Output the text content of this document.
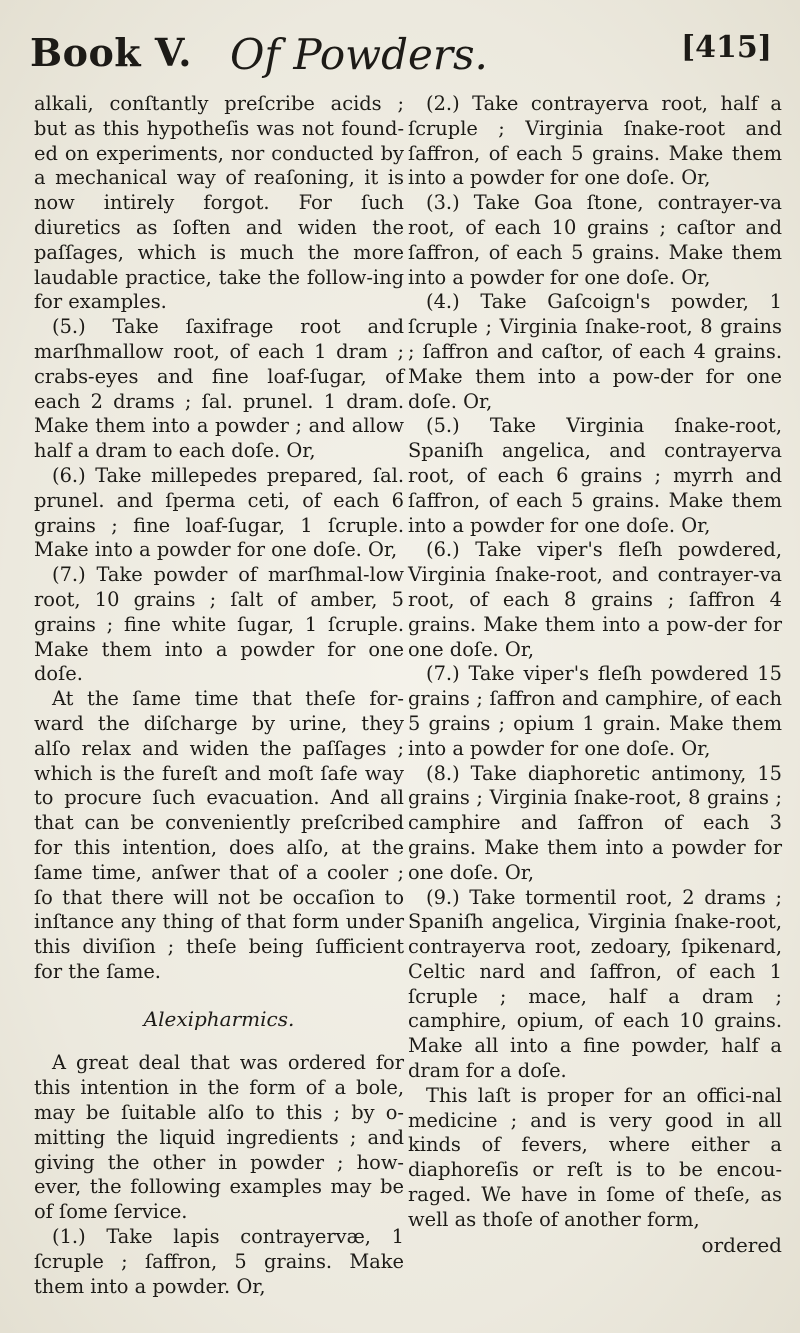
Book V. Of Powders.	[415]

alkali, conſtantly preſcribe acids ; but as this hypotheſis was not found-ed on experiments, nor conducted by a mechanical way of reaſoning, it is now intirely forgot. For ſuch diuretics as ſoften and widen the paſſages, which is much the more laudable practice, take the follow-ing for examples.

(5.) Take ſaxifrage root and marſhmallow root, of each 1 dram ; crabs-eyes and fine loaf-ſugar, of each 2 drams ; ſal. prunel. 1 dram. Make them into a powder ; and allow half a dram to each doſe. Or,

(6.) Take millepedes prepared, ſal. prunel. and ſperma ceti, of each 6 grains ; fine loaf-ſugar, 1 ſcruple. Make into a powder for one doſe. Or,

(7.) Take powder of marſhmal-low root, 10 grains ; ſalt of amber, 5 grains ; fine white ſugar, 1 ſcruple. Make them into a powder for one doſe.

At the ſame time that theſe for-ward the diſcharge by urine, they alſo relax and widen the paſſages ; which is the fureſt and moſt ſafe way to procure ſuch evacuation. And all that can be conveniently preſcribed for this intention, does alſo, at the ſame time, anſwer that of a cooler ; ſo that there will not be occaſion to inſtance any thing of that form under this diviſion ; theſe being ſufficient for the ſame.

Alexipharmics.

A great deal that was ordered for this intention in the form of a bole, may be ſuitable alſo to this ; by o-mitting the liquid ingredients ; and giving the other in powder ; how-ever, the following examples may be of ſome ſervice.

(1.) Take lapis contrayervæ, 1 ſcruple ; ſaffron, 5 grains. Make them into a powder. Or,

(2.) Take contrayerva root, half a ſcruple ; Virginia ſnake-root and ſaffron, of each 5 grains. Make them into a powder for one doſe. Or,

(3.) Take Goa ſtone, contrayer-va root, of each 10 grains ; caſtor and ſaffron, of each 5 grains. Make them into a powder for one doſe. Or,

(4.) Take Gaſcoign's powder, 1 ſcruple ; Virginia ſnake-root, 8 grains ; ſaffron and caſtor, of each 4 grains. Make them into a pow-der for one doſe. Or,

(5.) Take Virginia ſnake-root, Spaniſh angelica, and contrayerva root, of each 6 grains ; myrrh and ſaffron, of each 5 grains. Make them into a powder for one doſe. Or,

(6.) Take viper's fleſh powdered, Virginia ſnake-root, and contrayer-va root, of each 8 grains ; ſaffron 4 grains. Make them into a pow-der for one doſe. Or,

(7.) Take viper's fleſh powdered 15 grains ; ſaffron and camphire, of each 5 grains ; opium 1 grain. Make them into a powder for one doſe. Or,

(8.) Take diaphoretic antimony, 15 grains ; Virginia ſnake-root, 8 grains ; camphire and ſaffron of each 3 grains. Make them into a powder for one doſe. Or,

(9.) Take tormentil root, 2 drams ; Spaniſh angelica, Virginia ſnake-root, contrayerva root, zedoary, ſpikenard, Celtic nard and ſaffron, of each 1 ſcruple ; mace, half a dram ; camphire, opium, of each 10 grains. Make all into a fine powder, half a dram for a doſe.

This laſt is proper for an offici-nal medicine ; and is very good in all kinds of fevers, where either a diaphoreſis or reſt is to be encou-raged. We have in ſome of theſe, as well as thoſe of another form,

ordered
